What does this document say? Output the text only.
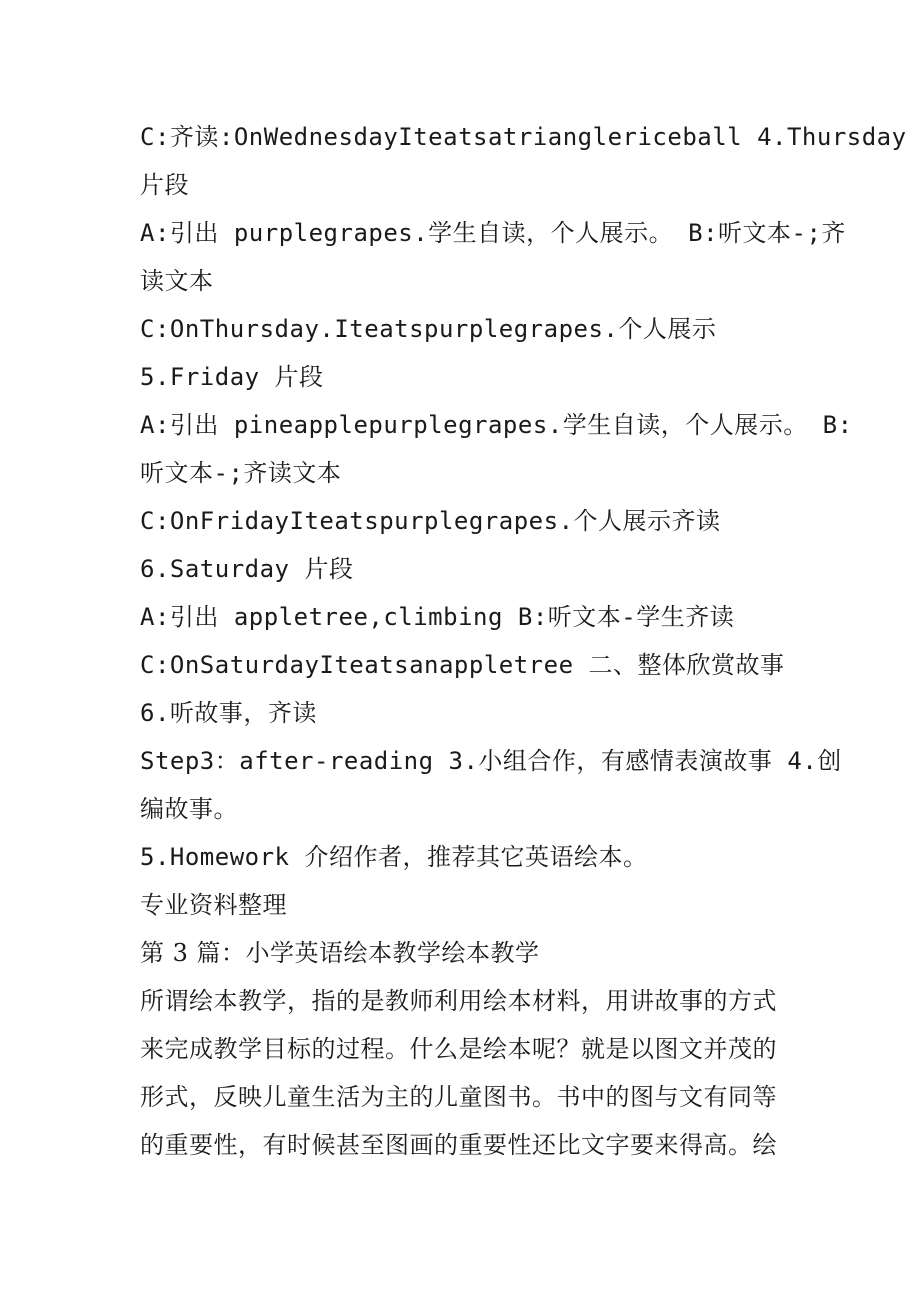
C:齐读:OnWednesdayIteatsatrianglericeball 4.Thursday
片段
A:引出 purplegrapes.学生自读，个人展示。 B:听文本-;齐
读文本
C:OnThursday.Iteatspurplegrapes.个人展示
5.Friday 片段
A:引出 pineapplepurplegrapes.学生自读，个人展示。 B:
听文本-;齐读文本
C:OnFridayIteatspurplegrapes.个人展示齐读
6.Saturday 片段
A:引出 appletree,climbing B:听文本-学生齐读
C:OnSaturdayIteatsanappletree 二、整体欣赏故事
6.听故事，齐读
Step3：after-reading 3.小组合作，有感情表演故事 4.创
编故事。
5.Homework 介绍作者，推荐其它英语绘本。
专业资料整理
第 3 篇：小学英语绘本教学绘本教学
所谓绘本教学，指的是教师利用绘本材料，用讲故事的方式
来完成教学目标的过程。什么是绘本呢？就是以图文并茂的
形式，反映儿童生活为主的儿童图书。书中的图与文有同等
的重要性，有时候甚至图画的重要性还比文字要来得高。绘
